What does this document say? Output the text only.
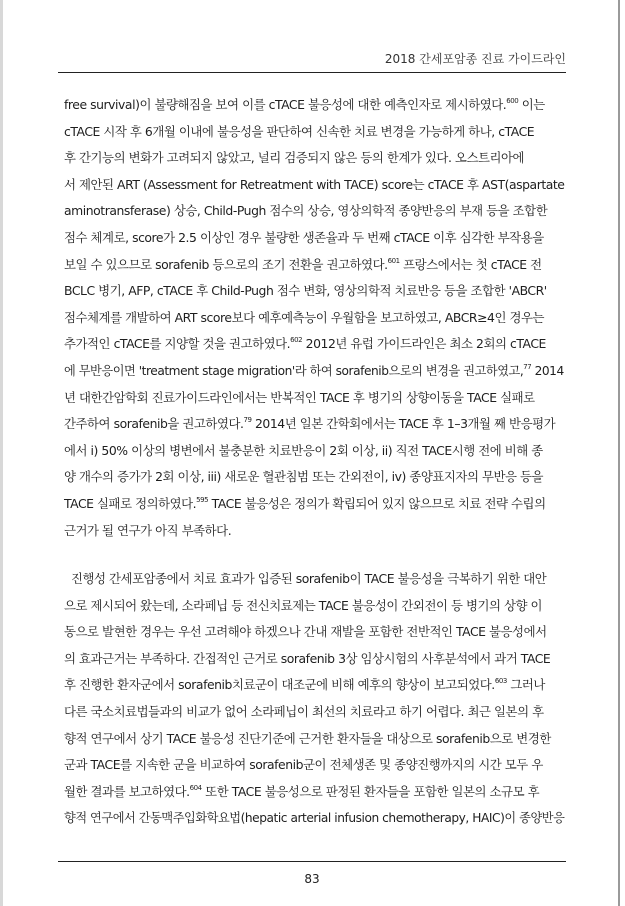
2018 간세포암종 진료 가이드라인
free survival)이 불량해짐을 보여 이를 cTACE 불응성에 대한 예측인자로 제시하였다.$^{600}$ 이는
cTACE 시작 후 6개월 이내에 불응성을 판단하여 신속한 치료 변경을 가능하게 하나, cTACE
후 간기능의 변화가 고려되지 않았고, 널리 검증되지 않은 등의 한계가 있다. 오스트리아에
서 제안된 ART (Assessment for Retreatment with TACE) score는 cTACE 후 AST(aspartate
aminotransferase) 상승, Child-Pugh 점수의 상승, 영상의학적 종양반응의 부재 등을 조합한
점수 체계로, score가 2.5 이상인 경우 불량한 생존율과 두 번째 cTACE 이후 심각한 부작용을
보일 수 있으므로 sorafenib 등으로의 조기 전환을 권고하였다.$^{601}$ 프랑스에서는 첫 cTACE 전
BCLC 병기, AFP, cTACE 후 Child-Pugh 점수 변화, 영상의학적 치료반응 등을 조합한 'ABCR'
점수체계를 개발하여 ART score보다 예후예측능이 우월함을 보고하였고, ABCR≥4인 경우는
추가적인 cTACE를 지양할 것을 권고하였다.$^{602}$ 2012년 유럽 가이드라인은 최소 2회의 cTACE
에 무반응이면 'treatment stage migration'라 하여 sorafenib으로의 변경을 권고하였고,$^{77}$ 2014
년 대한간암학회 진료가이드라인에서는 반복적인 TACE 후 병기의 상향이동을 TACE 실패로
간주하여 sorafenib을 권고하였다.$^{79}$ 2014년 일본 간학회에서는 TACE 후 1–3개월 째 반응평가
에서 i) 50% 이상의 병변에서 불충분한 치료반응이 2회 이상, ii) 직전 TACE시행 전에 비해 종
양 개수의 증가가 2회 이상, iii) 새로운 혈관침범 또는 간외전이, iv) 종양표지자의 무반응 등을
TACE 실패로 정의하였다.$^{595}$ TACE 불응성은 정의가 확립되어 있지 않으므로 치료 전략 수립의
근거가 될 연구가 아직 부족하다.
진행성 간세포암종에서 치료 효과가 입증된 sorafenib이 TACE 불응성을 극복하기 위한 대안
으로 제시되어 왔는데, 소라페닙 등 전신치료제는 TACE 불응성이 간외전이 등 병기의 상향 이
동으로 발현한 경우는 우선 고려해야 하겠으나 간내 재발을 포함한 전반적인 TACE 불응성에서
의 효과근거는 부족하다. 간접적인 근거로 sorafenib 3상 임상시험의 사후분석에서 과거 TACE
후 진행한 환자군에서 sorafenib치료군이 대조군에 비해 예후의 향상이 보고되었다.$^{603}$ 그러나
다른 국소치료법들과의 비교가 없어 소라페닙이 최선의 치료라고 하기 어렵다. 최근 일본의 후
향적 연구에서 상기 TACE 불응성 진단기준에 근거한 환자들을 대상으로 sorafenib으로 변경한
군과 TACE를 지속한 군을 비교하여 sorafenib군이 전체생존 및 종양진행까지의 시간 모두 우
월한 결과를 보고하였다.$^{604}$ 또한 TACE 불응성으로 판정된 환자들을 포함한 일본의 소규모 후
향적 연구에서 간동맥주입화학요법(hepatic arterial infusion chemotherapy, HAIC)이 종양반응
83
